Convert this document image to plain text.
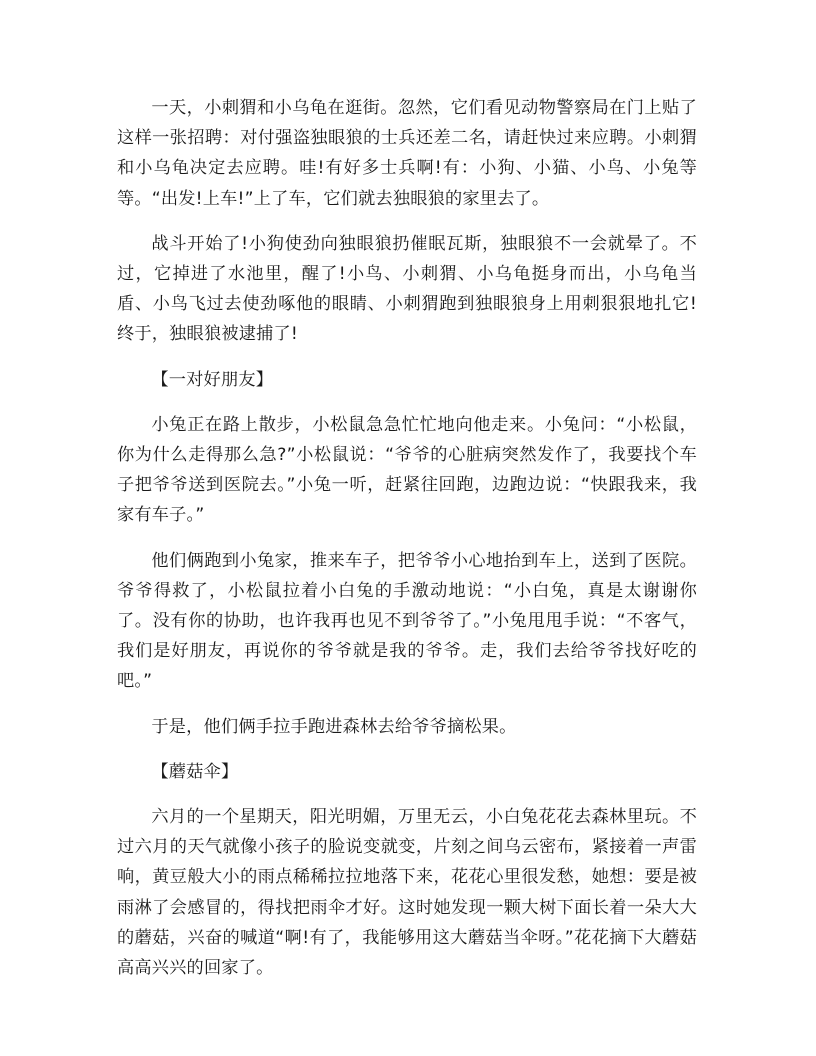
一天，小刺猬和小乌龟在逛街。忽然，它们看见动物警察局在门上贴了这样一张招聘：对付强盗独眼狼的士兵还差二名，请赶快过来应聘。小刺猬和小乌龟决定去应聘。哇!有好多士兵啊!有：小狗、小猫、小鸟、小兔等等。“出发!上车!”上了车，它们就去独眼狼的家里去了。

战斗开始了!小狗使劲向独眼狼扔催眠瓦斯，独眼狼不一会就晕了。不过，它掉进了水池里，醒了!小鸟、小刺猬、小乌龟挺身而出，小乌龟当盾、小鸟飞过去使劲啄他的眼睛、小刺猬跑到独眼狼身上用刺狠狠地扎它!终于，独眼狼被逮捕了!

【一对好朋友】

小兔正在路上散步，小松鼠急急忙忙地向他走来。小兔问：“小松鼠，你为什么走得那么急?”小松鼠说：“爷爷的心脏病突然发作了，我要找个车子把爷爷送到医院去。”小兔一听，赶紧往回跑，边跑边说：“快跟我来，我家有车子。”

他们俩跑到小兔家，推来车子，把爷爷小心地抬到车上，送到了医院。爷爷得救了，小松鼠拉着小白兔的手激动地说：“小白兔，真是太谢谢你了。没有你的协助，也许我再也见不到爷爷了。”小兔甩甩手说：“不客气，我们是好朋友，再说你的爷爷就是我的爷爷。走，我们去给爷爷找好吃的吧。”

于是，他们俩手拉手跑进森林去给爷爷摘松果。

【蘑菇伞】

六月的一个星期天，阳光明媚，万里无云，小白兔花花去森林里玩。不过六月的天气就像小孩子的脸说变就变，片刻之间乌云密布，紧接着一声雷响，黄豆般大小的雨点稀稀拉拉地落下来，花花心里很发愁，她想：要是被雨淋了会感冒的，得找把雨伞才好。这时她发现一颗大树下面长着一朵大大的蘑菇，兴奋的喊道“啊!有了，我能够用这大蘑菇当伞呀。”花花摘下大蘑菇高高兴兴的回家了。
